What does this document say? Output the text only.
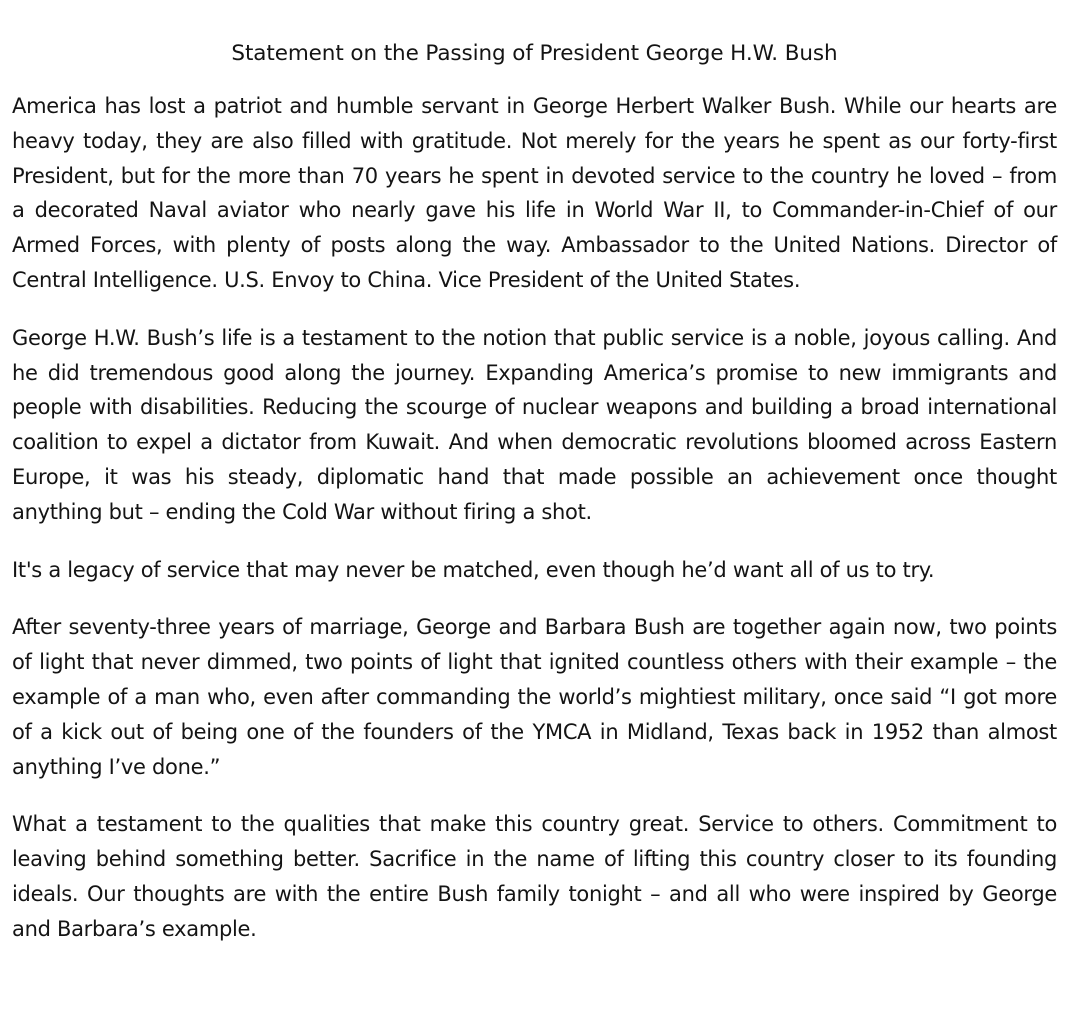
Statement on the Passing of President George H.W. Bush

America has lost a patriot and humble servant in George Herbert Walker Bush. While our hearts are heavy today, they are also filled with gratitude. Not merely for the years he spent as our forty-first President, but for the more than 70 years he spent in devoted service to the country he loved – from a decorated Naval aviator who nearly gave his life in World War II, to Commander-in-Chief of our Armed Forces, with plenty of posts along the way. Ambassador to the United Nations. Director of Central Intelligence. U.S. Envoy to China. Vice President of the United States.

George H.W. Bush’s life is a testament to the notion that public service is a noble, joyous calling. And he did tremendous good along the journey. Expanding America’s promise to new immigrants and people with disabilities. Reducing the scourge of nuclear weapons and building a broad international coalition to expel a dictator from Kuwait. And when democratic revolutions bloomed across Eastern Europe, it was his steady, diplomatic hand that made possible an achievement once thought anything but – ending the Cold War without firing a shot.

It's a legacy of service that may never be matched, even though he’d want all of us to try.

After seventy-three years of marriage, George and Barbara Bush are together again now, two points of light that never dimmed, two points of light that ignited countless others with their example – the example of a man who, even after commanding the world’s mightiest military, once said “I got more of a kick out of being one of the founders of the YMCA in Midland, Texas back in 1952 than almost anything I’ve done.”

What a testament to the qualities that make this country great. Service to others. Commitment to leaving behind something better. Sacrifice in the name of lifting this country closer to its founding ideals. Our thoughts are with the entire Bush family tonight – and all who were inspired by George and Barbara’s example.
